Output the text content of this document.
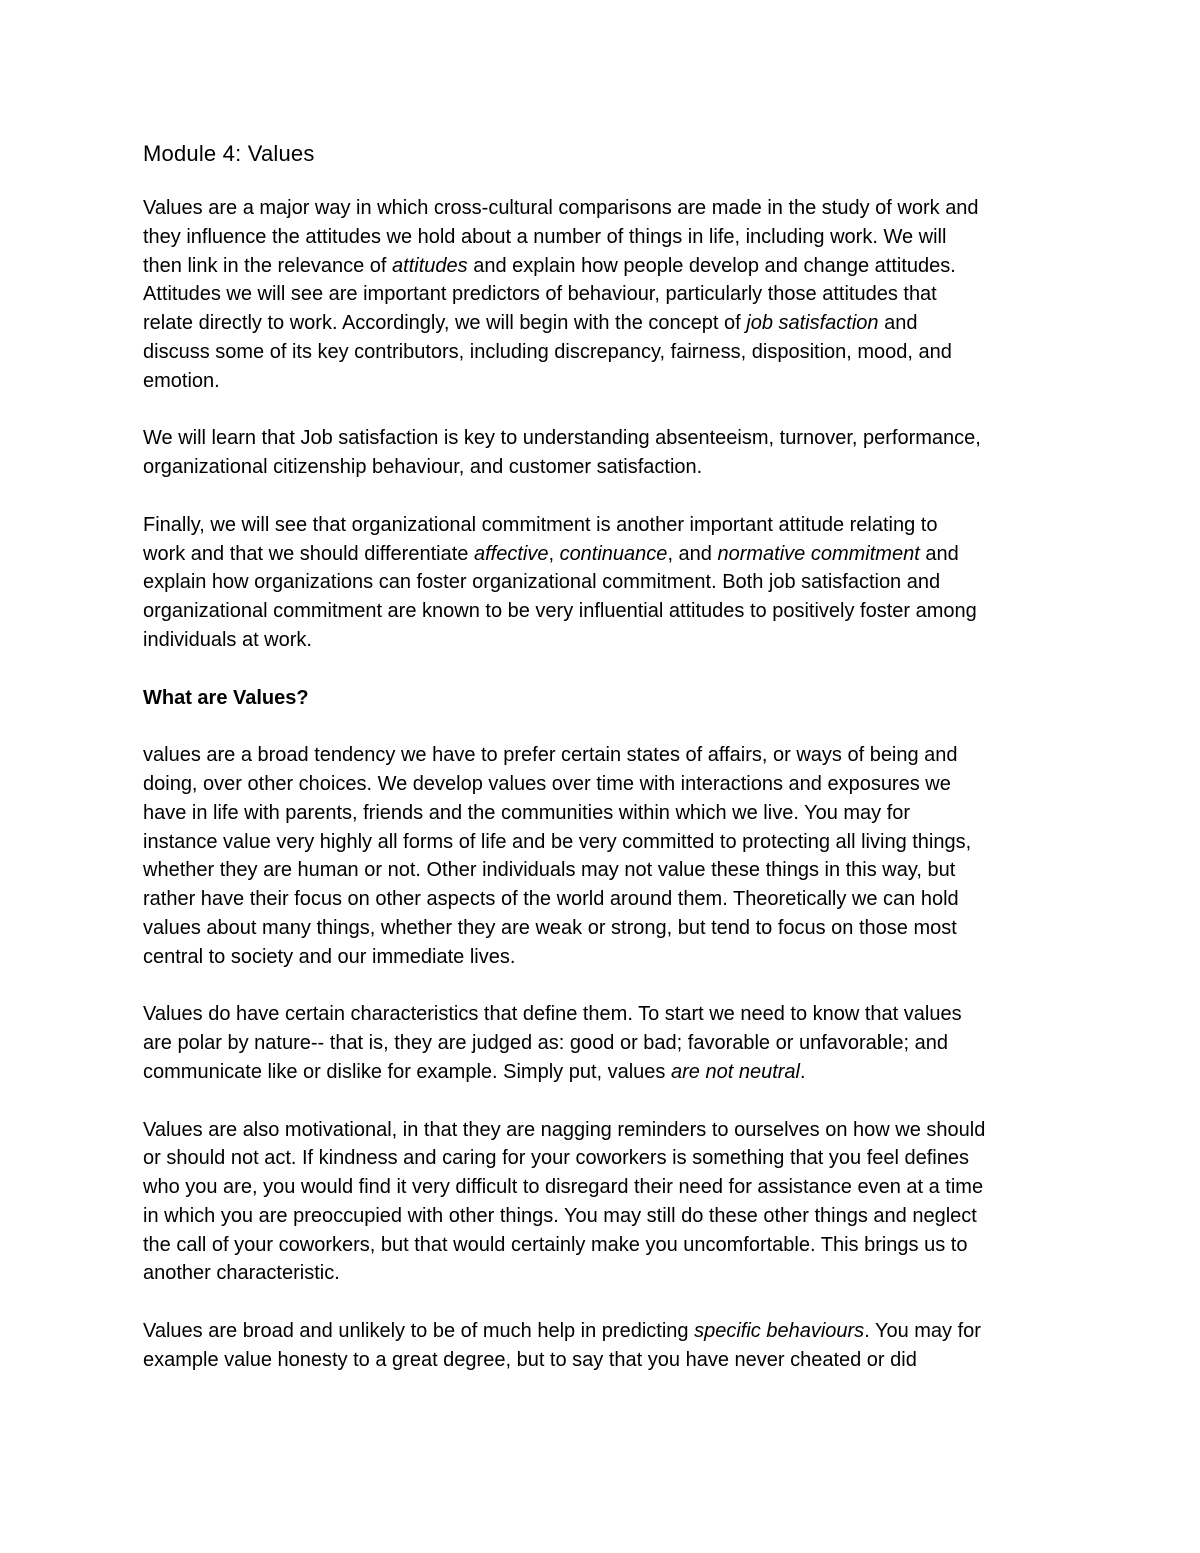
Module 4: Values
Values are a major way in which cross-cultural comparisons are made in the study of work and
they influence the attitudes we hold about a number of things in life, including work. We will
then link in the relevance of attitudes and explain how people develop and change attitudes.
Attitudes we will see are important predictors of behaviour, particularly those attitudes that
relate directly to work. Accordingly, we will begin with the concept of job satisfaction and
discuss some of its key contributors, including discrepancy, fairness, disposition, mood, and
emotion.
We will learn that Job satisfaction is key to understanding absenteeism, turnover, performance,
organizational citizenship behaviour, and customer satisfaction.
Finally, we will see that organizational commitment is another important attitude relating to
work and that we should differentiate affective, continuance, and normative commitment and
explain how organizations can foster organizational commitment. Both job satisfaction and
organizational commitment are known to be very influential attitudes to positively foster among
individuals at work.
What are Values?
values are a broad tendency we have to prefer certain states of affairs, or ways of being and
doing, over other choices. We develop values over time with interactions and exposures we
have in life with parents, friends and the communities within which we live. You may for
instance value very highly all forms of life and be very committed to protecting all living things,
whether they are human or not. Other individuals may not value these things in this way, but
rather have their focus on other aspects of the world around them. Theoretically we can hold
values about many things, whether they are weak or strong, but tend to focus on those most
central to society and our immediate lives.
Values do have certain characteristics that define them. To start we need to know that values
are polar by nature-- that is, they are judged as: good or bad; favorable or unfavorable; and
communicate like or dislike for example. Simply put, values are not neutral.
Values are also motivational, in that they are nagging reminders to ourselves on how we should
or should not act. If kindness and caring for your coworkers is something that you feel defines
who you are, you would find it very difficult to disregard their need for assistance even at a time
in which you are preoccupied with other things. You may still do these other things and neglect
the call of your coworkers, but that would certainly make you uncomfortable. This brings us to
another characteristic.
Values are broad and unlikely to be of much help in predicting specific behaviours. You may for
example value honesty to a great degree, but to say that you have never cheated or did
